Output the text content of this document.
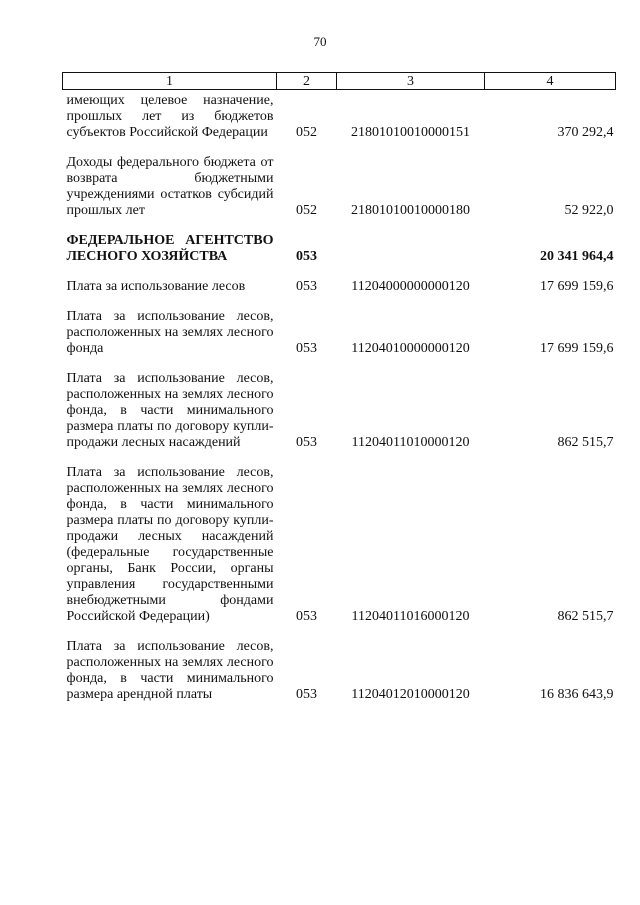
70
1	2	3	4
имеющих целевое назначение, прошлых лет из бюджетов субъектов Российской Федерации	052	21801010010000151	370 292,4

Доходы федерального бюджета от возврата бюджетными учреждениями остатков субсидий прошлых лет	052	21801010010000180	52 922,0

ФЕДЕРАЛЬНОЕ АГЕНТСТВО ЛЕСНОГО ХОЗЯЙСТВА	053		20 341 964,4

Плата за использование лесов	053	11204000000000120	17 699 159,6

Плата за использование лесов, расположенных на землях лесного фонда	053	11204010000000120	17 699 159,6

Плата за использование лесов, расположенных на землях лесного фонда, в части минимального размера платы по договору купли-продажи лесных насаждений	053	11204011010000120	862 515,7

Плата за использование лесов, расположенных на землях лесного фонда, в части минимального размера платы по договору купли-продажи лесных насаждений (федеральные государственные органы, Банк России, органы управления государственными внебюджетными фондами Российской Федерации)	053	11204011016000120	862 515,7

Плата за использование лесов, расположенных на землях лесного фонда, в части минимального размера арендной платы	053	11204012010000120	16 836 643,9
